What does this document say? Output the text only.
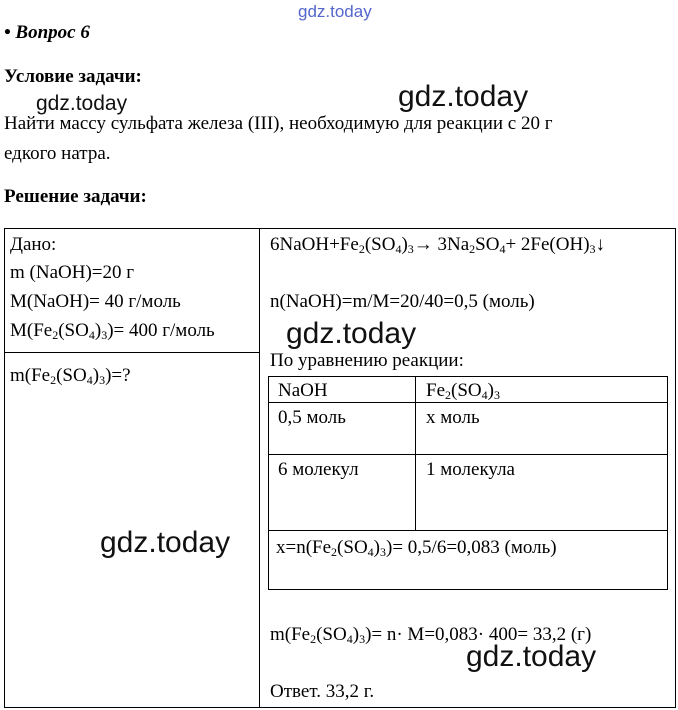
gdz.today
• Вопрос 6
Условие задачи:
gdz.today	gdz.today
Найти массу сульфата железа (III), необходимую для реакции с 20 г
едкого натра.
Решение задачи:
Дано:
m (NaOH)=20 г
M(NaOH)= 40 г/моль
$M(Fe_2(SO_4)_3)= 400$ г/моль
$m(Fe_2(SO_4)_3)=$?
$6NaOH+Fe_2(SO_4)_3\to 3Na_2SO_4+$ $2Fe(OH)_3↓$
n(NaOH)=m/M=20/40=0,5 (моль)
gdz.today
По уравнению реакции:
NaOH	$Fe_2(SO_4)_3$
0,5 моль	x моль
6 молекул	1 молекула
gdz.today $x=n(Fe_2(SO_4)_3)= 0,5/6=0,083$ (моль)
$m(Fe_2(SO_4)_3)= n\cdot M=0,083\cdot 400= 33,2$ (г)
gdz.today
Ответ. 33,2 г.
